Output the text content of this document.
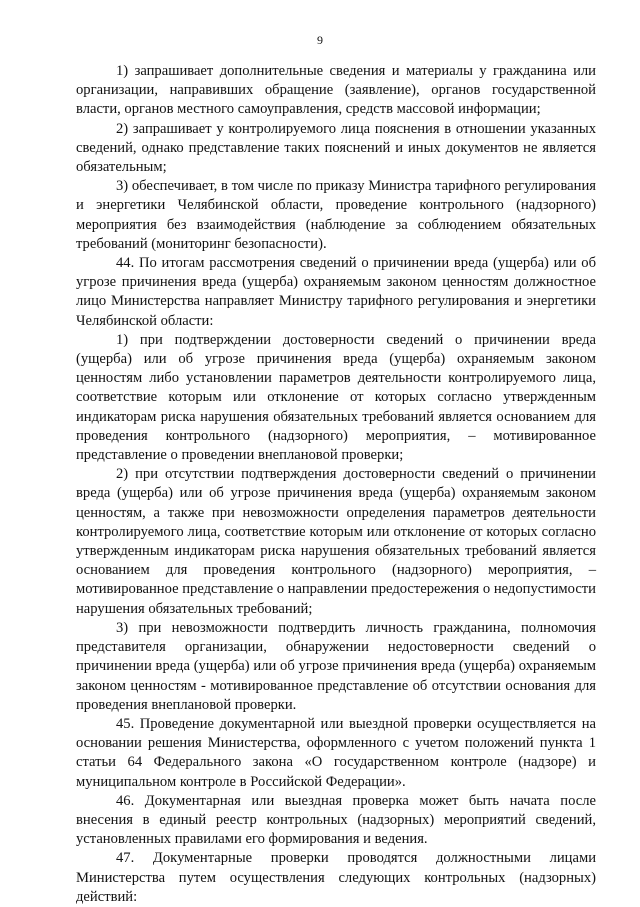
9

1) запрашивает дополнительные сведения и материалы у гражданина или организации, направивших обращение (заявление), органов государственной власти, органов местного самоуправления, средств массовой информации;

2) запрашивает у контролируемого лица пояснения в отношении указанных сведений, однако представление таких пояснений и иных документов не является обязательным;

3) обеспечивает, в том числе по приказу Министра тарифного регулирования и энергетики Челябинской области, проведение контрольного (надзорного) мероприятия без взаимодействия (наблюдение за соблюдением обязательных требований (мониторинг безопасности).

44. По итогам рассмотрения сведений о причинении вреда (ущерба) или об угрозе причинения вреда (ущерба) охраняемым законом ценностям должностное лицо Министерства направляет Министру тарифного регулирования и энергетики Челябинской области:

1) при подтверждении достоверности сведений о причинении вреда (ущерба) или об угрозе причинения вреда (ущерба) охраняемым законом ценностям либо установлении параметров деятельности контролируемого лица, соответствие которым или отклонение от которых согласно утвержденным индикаторам риска нарушения обязательных требований является основанием для проведения контрольного (надзорного) мероприятия, – мотивированное представление о проведении внеплановой проверки;

2) при отсутствии подтверждения достоверности сведений о причинении вреда (ущерба) или об угрозе причинения вреда (ущерба) охраняемым законом ценностям, а также при невозможности определения параметров деятельности контролируемого лица, соответствие которым или отклонение от которых согласно утвержденным индикаторам риска нарушения обязательных требований является основанием для проведения контрольного (надзорного) мероприятия, – мотивированное представление о направлении предостережения о недопустимости нарушения обязательных требований;

3) при невозможности подтвердить личность гражданина, полномочия представителя организации, обнаружении недостоверности сведений о причинении вреда (ущерба) или об угрозе причинения вреда (ущерба) охраняемым законом ценностям - мотивированное представление об отсутствии основания для проведения внеплановой проверки.

45. Проведение документарной или выездной проверки осуществляется на основании решения Министерства, оформленного с учетом положений пункта 1 статьи 64 Федерального закона «О государственном контроле (надзоре) и муниципальном контроле в Российской Федерации».

46. Документарная или выездная проверка может быть начата после внесения в единый реестр контрольных (надзорных) мероприятий сведений, установленных правилами его формирования и ведения.

47. Документарные проверки проводятся должностными лицами Министерства путем осуществления следующих контрольных (надзорных) действий:
